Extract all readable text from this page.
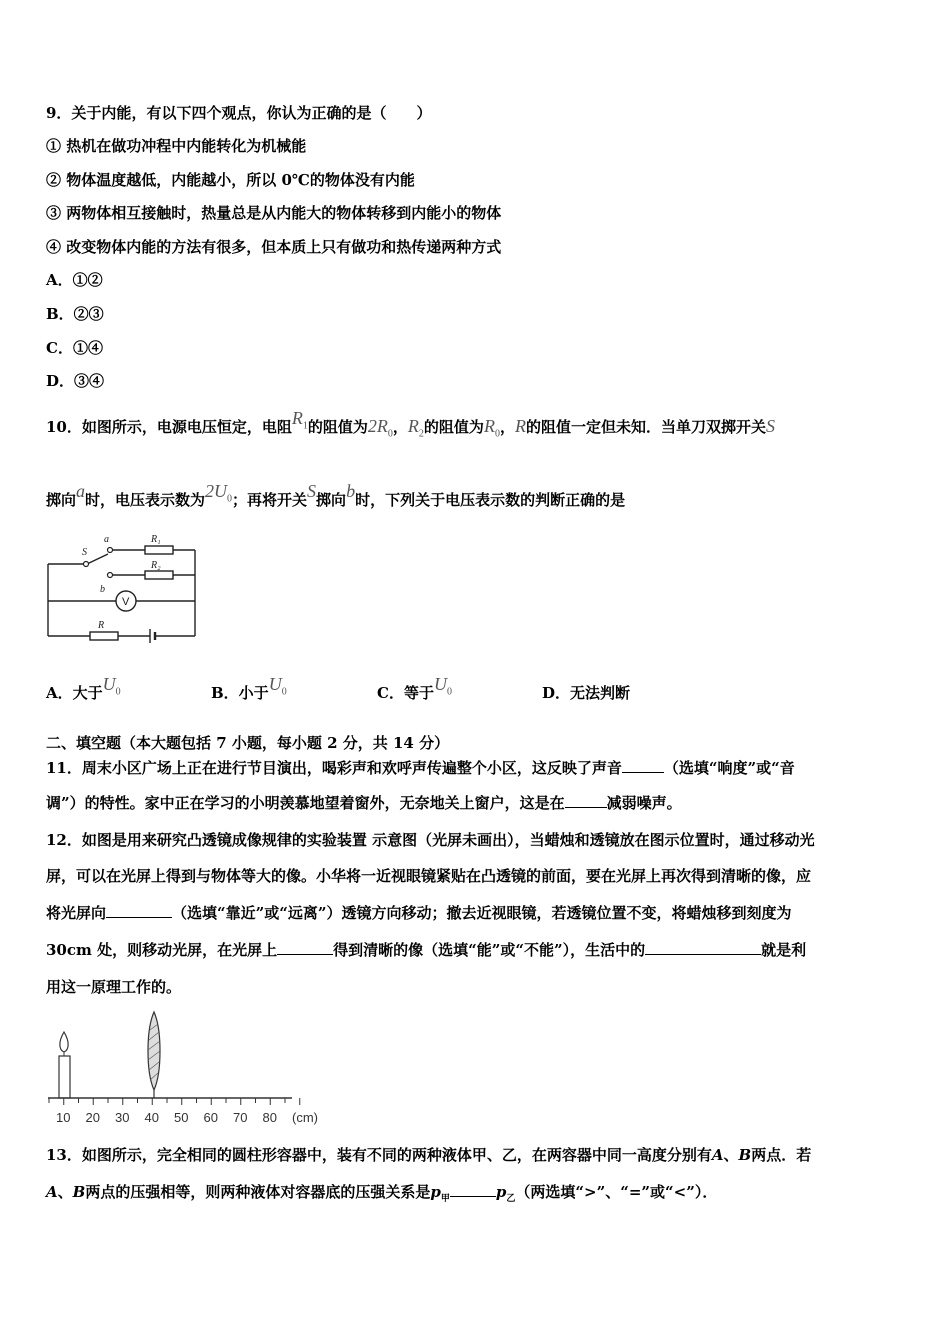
9．关于内能，有以下四个观点，你认为正确的是（　　）
① 热机在做功冲程中内能转化为机械能
② 物体温度越低，内能越小，所以 0℃的物体没有内能
③ 两物体相互接触时，热量总是从内能大的物体转移到内能小的物体
④ 改变物体内能的方法有很多，但本质上只有做功和热传递两种方式
A．①②
B．②③
C．①④
D．③④
10．如图所示，电源电压恒定，电阻$R_1$的阻值为$2R_0$，$R_2$的阻值为$R_0$，R的阻值一定但未知．当单刀双掷开关S
掷向a时，电压表示数为$2U_0$；再将开关S掷向b时，下列关于电压表示数的判断正确的是
S
a
b
R₁
R₂
R
V
A．大于$U_0$	B．小于$U_0$	C．等于$U_0$	D．无法判断
二、填空题（本大题包括 7 小题，每小题 2 分，共 14 分）
11．周末小区广场上正在进行节目演出，喝彩声和欢呼声传遍整个小区，这反映了声音	（选填“响度”或“音
调”）的特性。家中正在学习的小明羡慕地望着窗外，无奈地关上窗户，这是在	减弱噪声。
12．如图是用来研究凸透镜成像规律的实验装置 示意图（光屏未画出），当蜡烛和透镜放在图示位置时，通过移动光
屏，可以在光屏上得到与物体等大的像。小华将一近视眼镜紧贴在凸透镜的前面，要在光屏上再次得到清晰的像，应
将光屏向	（选填“靠近”或“远离”）透镜方向移动；撤去近视眼镜，若透镜位置不变，将蜡烛移到刻度为
30cm 处，则移动光屏，在光屏上	得到清晰的像（选填“能”或“不能”），生活中的	就是利
用这一原理工作的。
10 20 30 40 50 60 70 80 (cm)
13．如图所示，完全相同的圆柱形容器中，装有不同的两种液体甲、乙，在两容器中同一高度分别有A、B两点．若
A、B两点的压强相等，则两种液体对容器底的压强关系是$p_甲$	$p_乙$（两选填“>”、“=”或“<”）．
